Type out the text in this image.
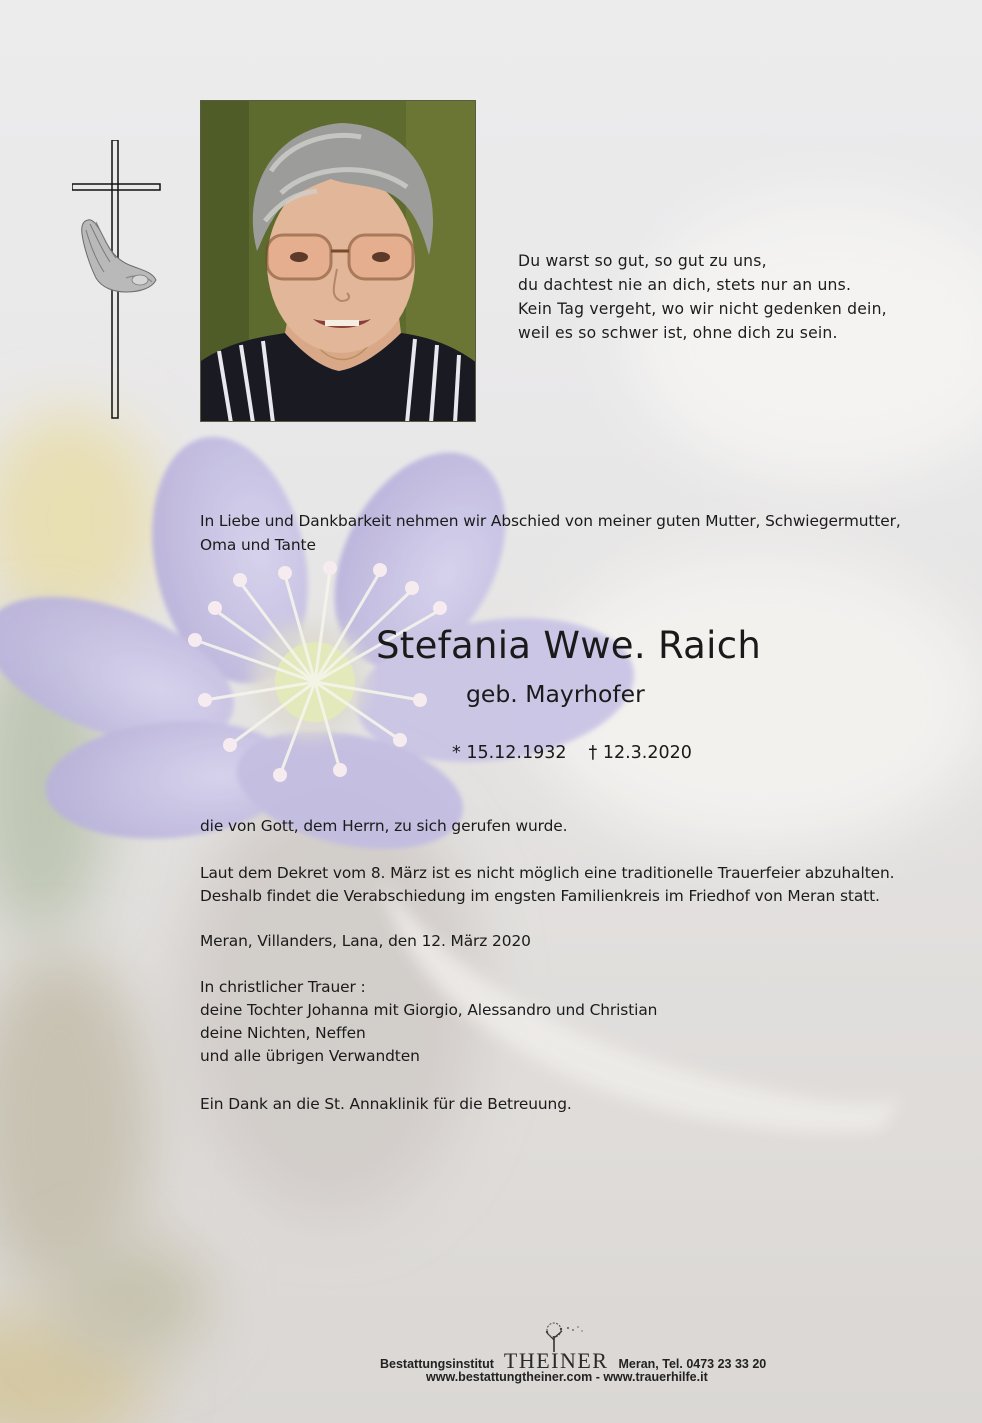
Du warst so gut, so gut zu uns,
du dachtest nie an dich, stets nur an uns.
Kein Tag vergeht, wo wir nicht gedenken dein,
weil es so schwer ist, ohne dich zu sein.
In Liebe und Dankbarkeit nehmen wir Abschied von meiner guten Mutter, Schwiegermutter,
Oma und Tante
Stefania Wwe. Raich
geb. Mayrhofer
* 15.12.1932 † 12.3.2020
die von Gott, dem Herrn, zu sich gerufen wurde.
Laut dem Dekret vom 8. März ist es nicht möglich eine traditionelle Trauerfeier abzuhalten.
Deshalb findet die Verabschiedung im engsten Familienkreis im Friedhof von Meran statt.
Meran, Villanders, Lana, den 12. März 2020
In christlicher Trauer :
deine Tochter Johanna mit Giorgio, Alessandro und Christian
deine Nichten, Neffen
und alle übrigen Verwandten
Ein Dank an die St. Annaklinik für die Betreuung.
Bestattungsinstitut THEINER Meran, Tel. 0473 23 33 20
www.bestattungtheiner.com - www.trauerhilfe.it
